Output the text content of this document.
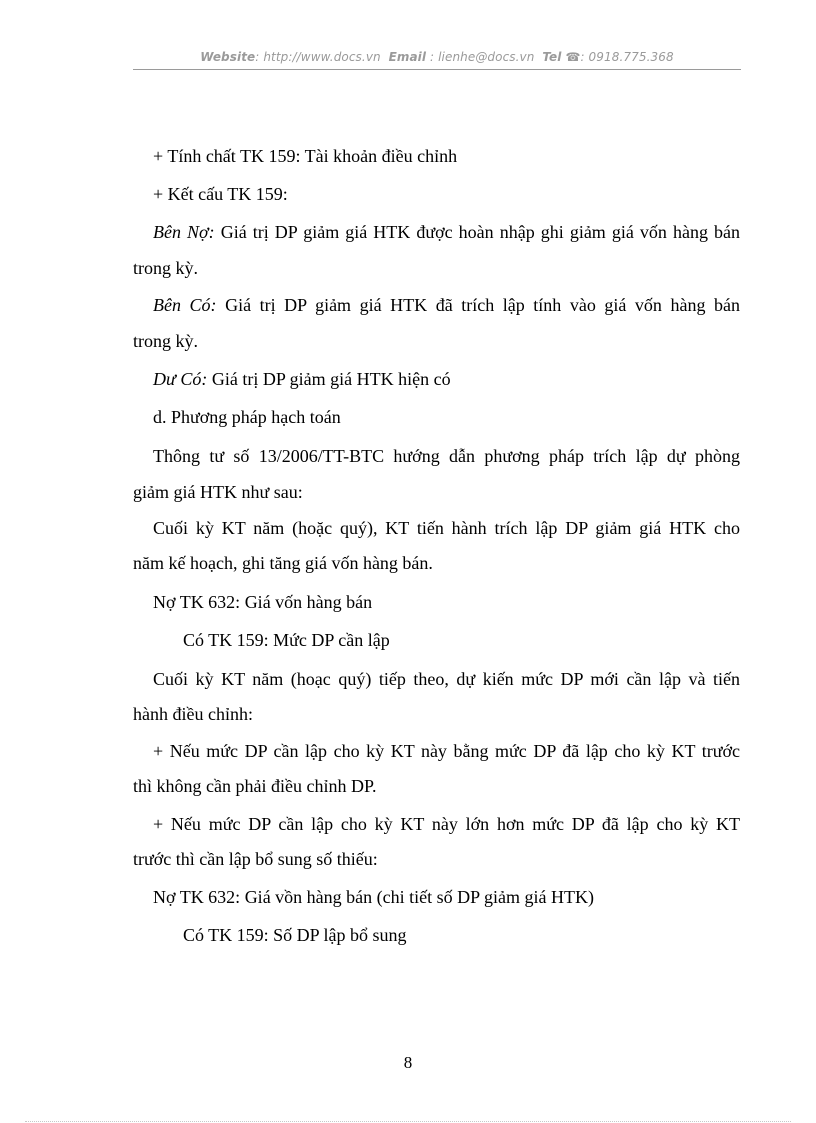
Website: http://www.docs.vn Email : lienhe@docs.vn Tel ☎: 0918.775.368
+ Tính chất TK 159: Tài khoản điều chỉnh
+ Kết cấu TK 159:
Bên Nợ: Giá trị DP giảm giá HTK được hoàn nhập ghi giảm giá vốn hàng bán
trong kỳ.
Bên Có: Giá trị DP giảm giá HTK đã trích lập tính vào giá vốn hàng bán
trong kỳ.
Dư Có: Giá trị DP giảm giá HTK hiện có
d. Phương pháp hạch toán
Thông tư số 13/2006/TT-BTC hướng dẫn phương pháp trích lập dự phòng
giảm giá HTK như sau:
Cuối kỳ KT năm (hoặc quý), KT tiến hành trích lập DP giảm giá HTK cho
năm kế hoạch, ghi tăng giá vốn hàng bán.
Nợ TK 632: Giá vốn hàng bán
Có TK 159: Mức DP cần lập
Cuối kỳ KT năm (hoạc quý) tiếp theo, dự kiến mức DP mới cần lập và tiến
hành điều chỉnh:
+ Nếu mức DP cần lập cho kỳ KT này bằng mức DP đã lập cho kỳ KT trước
thì không cần phải điều chỉnh DP.
+ Nếu mức DP cần lập cho kỳ KT này lớn hơn mức DP đã lập cho kỳ KT
trước thì cần lập bổ sung số thiếu:
Nợ TK 632: Giá vồn hàng bán (chi tiết số DP giảm giá HTK)
Có TK 159: Số DP lập bổ sung
8
